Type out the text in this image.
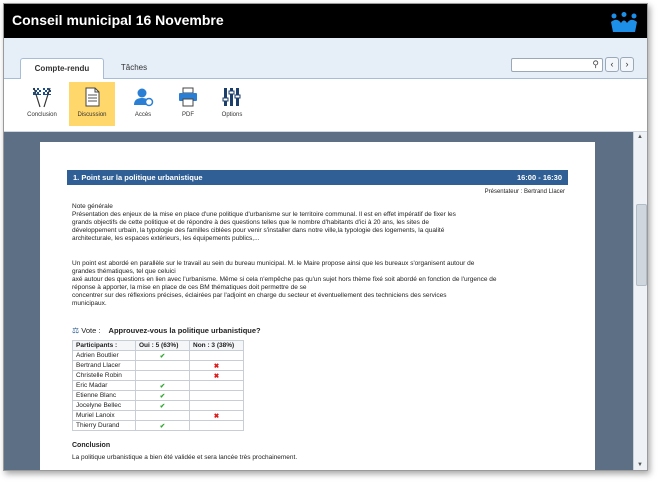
Conseil municipal 16 Novembre
Compte-rendu	Tâches	⚲	‹	›
Conclusion	Discussion	Accès	PDF	Options
1. Point sur la politique urbanistique	16:00 - 16:30
Présentateur : Bertrand Llacer
Note générale
Présentation des enjeux de la mise en place d'une politique d'urbanisme sur le territoire communal. Il est en effet impératif de fixer les
grands objectifs de cette politique et de répondre à des questions telles que le nombre d'habitants d'ici à 20 ans, les sites de
développement urbain, la typologie des familles ciblées pour venir s'installer dans notre ville,la typologie des logements, la qualité
architecturale, les espaces extérieurs, les équipements publics,...
Un point est abordé en parallèle sur le travail au sein du bureau municipal. M. le Maire propose ainsi que les bureaux s'organisent autour de
grandes thématiques, tel que celuici
axé autour des questions en lien avec l'urbanisme. Même si cela n'empêche pas qu'un sujet hors thème fixé soit abordé en fonction de l'urgence de
réponse à apporter, la mise en place de ces BM thématiques doit permettre de se
concentrer sur des réflexions précises, éclairées par l'adjoint en charge du secteur et éventuellement des techniciens des services
municipaux.
⚖ Vote : Approuvez-vous la politique urbanistique?
Participants :	Oui : 5 (63%)	Non : 3 (38%)
Adrien Boutlier	✔	
Bertrand Llacer		✖
Christelle Robin		✖
Eric Madar	✔	
Etienne Blanc	✔	
Jocelyne Bellec	✔	
Muriel Lanoix		✖
Thierry Durand	✔	
Conclusion
La politique urbanistique a bien été validée et sera lancée très prochainement.
▲
▼
